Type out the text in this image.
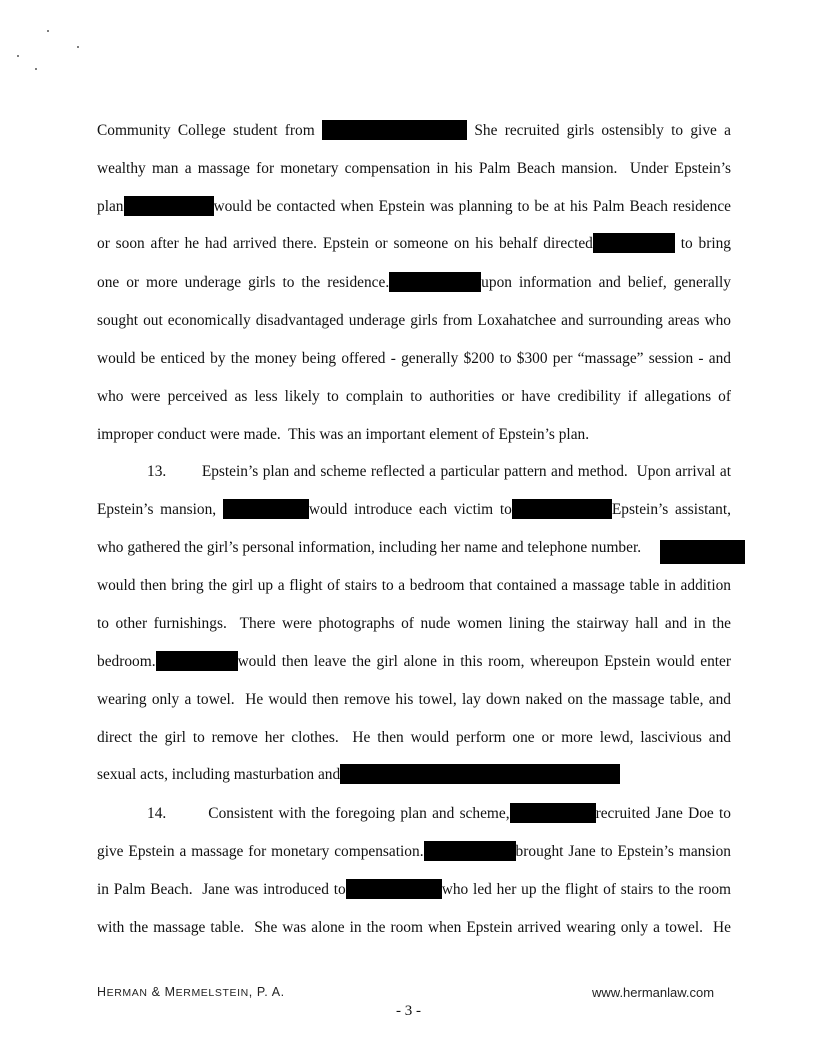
Community College student from	She recruited girls ostensibly to give a
wealthy man a massage for monetary compensation in his Palm Beach mansion.  Under Epstein’s
plan	would be contacted when Epstein was planning to be at his Palm Beach residence
or soon after he had arrived there. Epstein or someone on his behalf directed	to bring
one or more underage girls to the residence.	upon information and belief, generally
sought out economically disadvantaged underage girls from Loxahatchee and surrounding areas who
would be enticed by the money being offered - generally $200 to $300 per “massage” session - and
who were perceived as less likely to complain to authorities or have credibility if allegations of
improper conduct were made.  This was an important element of Epstein’s plan.
13.        Epstein’s plan and scheme reflected a particular pattern and method.  Upon arrival at
Epstein’s mansion,	would introduce each victim to	Epstein’s assistant,
who gathered the girl’s personal information, including her name and telephone number.
would then bring the girl up a flight of stairs to a bedroom that contained a massage table in addition
to other furnishings.  There were photographs of nude women lining the stairway hall and in the
bedroom.	would then leave the girl alone in this room, whereupon Epstein would enter
wearing only a towel.  He would then remove his towel, lay down naked on the massage table, and
direct the girl to remove her clothes.  He then would perform one or more lewd, lascivious and
sexual acts, including masturbation and
14.        Consistent with the foregoing plan and scheme,	recruited Jane Doe to
give Epstein a massage for monetary compensation.	brought Jane to Epstein’s mansion
in Palm Beach.  Jane was introduced to	who led her up the flight of stairs to the room
with the massage table.  She was alone in the room when Epstein arrived wearing only a towel.  He
HERMAN & MERMELSTEIN, P. A.	www.hermanlaw.com
- 3 -
